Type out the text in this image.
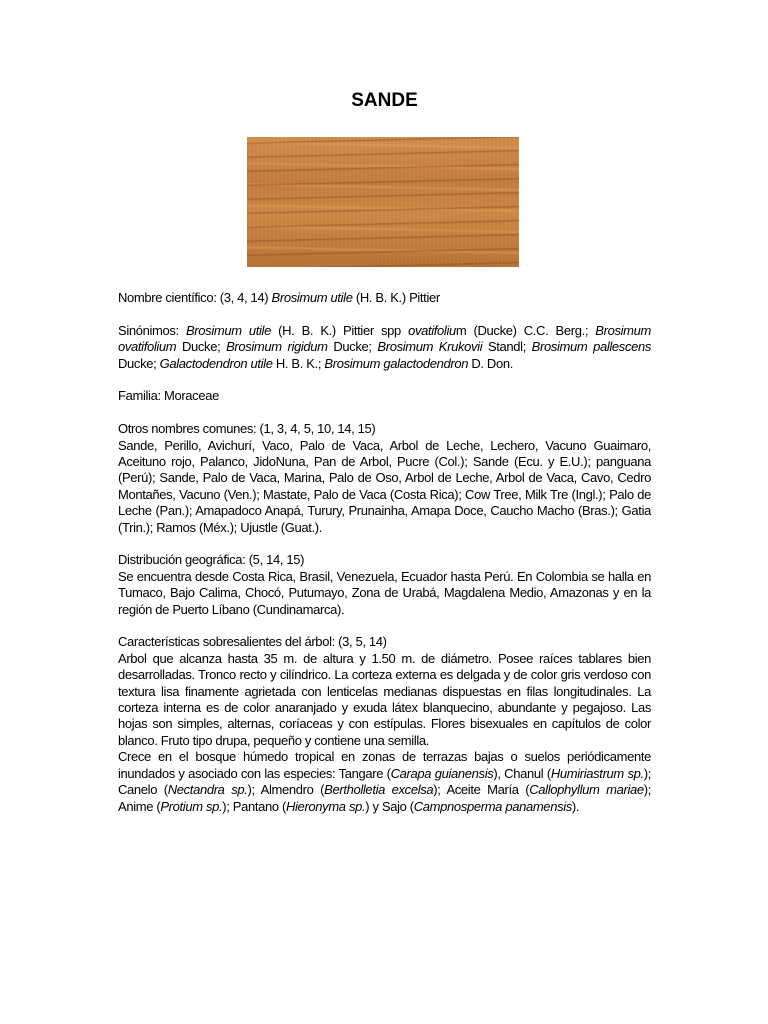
SANDE

Nombre científico: (3, 4, 14) Brosimum utile (H. B. K.) Pittier

Sinónimos: Brosimum utile (H. B. K.) Pittier spp ovatifolium (Ducke) C.C. Berg.; Brosimum ovatifolium Ducke; Brosimum rigidum Ducke; Brosimum Krukovii Standl; Brosimum pallescens Ducke; Galactodendron utile H. B. K.; Brosimum galactodendron D. Don.

Familia: Moraceae

Otros nombres comunes: (1, 3, 4, 5, 10, 14, 15)

Sande, Perillo, Avichurí, Vaco, Palo de Vaca, Arbol de Leche, Lechero, Vacuno Guaimaro, Aceituno rojo, Palanco, JidoNuna, Pan de Arbol, Pucre (Col.); Sande (Ecu. y E.U.); panguana (Perú); Sande, Palo de Vaca, Marina, Palo de Oso, Arbol de Leche, Arbol de Vaca, Cavo, Cedro Montañes, Vacuno (Ven.); Mastate, Palo de Vaca (Costa Rica); Cow Tree, Milk Tre (Ingl.); Palo de Leche (Pan.); Amapadoco Anapá, Turury, Prunainha, Amapa Doce, Caucho Macho (Bras.); Gatia (Trin.); Ramos (Méx.); Ujustle (Guat.).

Distribución geográfica: (5, 14, 15)

Se encuentra desde Costa Rica, Brasil, Venezuela, Ecuador hasta Perú. En Colombia se halla en Tumaco, Bajo Calima, Chocó, Putumayo, Zona de Urabá, Magdalena Medio, Amazonas y en la región de Puerto Líbano (Cundinamarca).

Características sobresalientes del árbol: (3, 5, 14)

Arbol que alcanza hasta 35 m. de altura y 1.50 m. de diámetro. Posee raíces tablares bien desarrolladas. Tronco recto y cilíndrico. La corteza externa es delgada y de color gris verdoso con textura lisa finamente agrietada con lenticelas medianas dispuestas en filas longitudinales. La corteza interna es de color anaranjado y exuda látex blanquecino, abundante y pegajoso. Las hojas son simples, alternas, coríaceas y con estípulas. Flores bisexuales en capítulos de color blanco. Fruto tipo drupa, pequeño y contiene una semilla.

Crece en el bosque húmedo tropical en zonas de terrazas bajas o suelos periódicamente inundados y asociado con las especies: Tangare (Carapa guianensis), Chanul (Humiriastrum sp.); Canelo (Nectandra sp.); Almendro (Bertholletia excelsa); Aceite María (Callophyllum mariae); Anime (Protium sp.); Pantano (Hieronyma sp.) y Sajo (Campnosperma panamensis).
